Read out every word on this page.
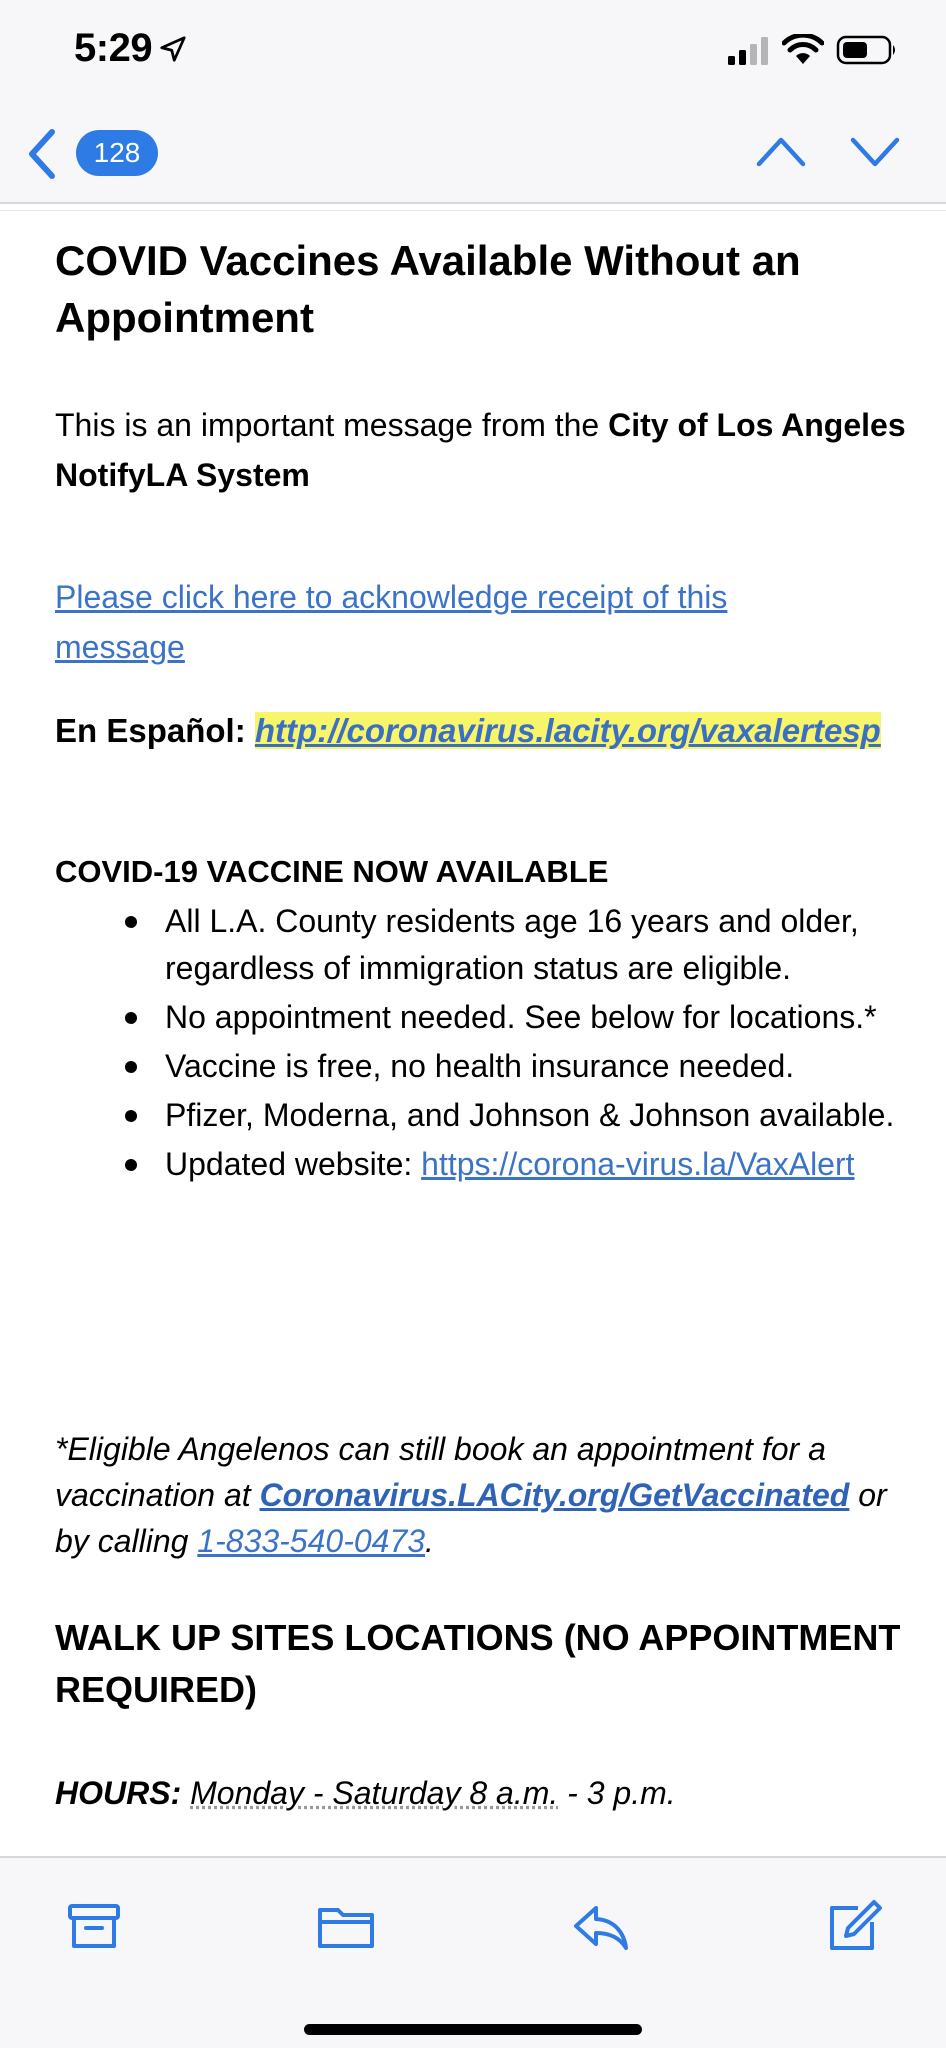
5:29
128
COVID Vaccines Available Without an Appointment
This is an important message from the City of Los Angeles NotifyLA System
Please click here to acknowledge receipt of this message
En Español: http://coronavirus.lacity.org/vaxalertesp
COVID-19 VACCINE NOW AVAILABLE
All L.A. County residents age 16 years and older, regardless of immigration status are eligible.
No appointment needed. See below for locations.*
Vaccine is free, no health insurance needed.
Pfizer, Moderna, and Johnson & Johnson available.
Updated website: https://corona-virus.la/VaxAlert
*Eligible Angelenos can still book an appointment for a vaccination at Coronavirus.LACity.org/GetVaccinated or by calling 1-833-540-0473.
WALK UP SITES LOCATIONS (NO APPOINTMENT REQUIRED)
HOURS: Monday - Saturday 8 a.m. - 3 p.m.
